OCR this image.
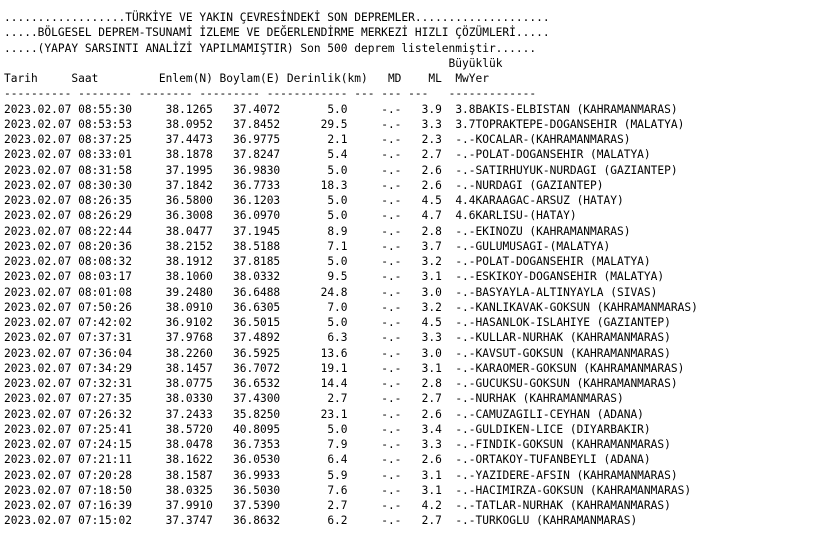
..................TÜRKİYE VE YAKIN ÇEVRESİNDEKİ SON DEPREMLER....................
.....BÖLGESEL DEPREM-TSUNAMİ İZLEME VE DEĞERLENDİRME MERKEZİ HIZLI ÇÖZÜMLERİ.....
.....(YAPAY SARSINTI ANALİZİ YAPILMAMIŞTIR) Son 500 deprem listelenmiştir......
Büyüklük
Tarih     Saat         Enlem(N) Boylam(E) Derinlik(km)   MD    ML  MwYer
---------- -------- -------- --------- ------------ --- --- ---   -------------
2023.02.07 08:55:30     38.1265   37.4072       5.0     -.-   3.9  3.8BAKIS-ELBISTAN (KAHRAMANMARAS)
2023.02.07 08:53:53     38.0952   37.8452      29.5     -.-   3.3  3.7TOPRAKTEPE-DOGANSEHIR (MALATYA)
2023.02.07 08:37:25     37.4473   36.9775       2.1     -.-   2.3  -.-KOCALAR-(KAHRAMANMARAS)
2023.02.07 08:33:01     38.1878   37.8247       5.4     -.-   2.7  -.-POLAT-DOGANSEHIR (MALATYA)
2023.02.07 08:31:58     37.1995   36.9830       5.0     -.-   2.6  -.-SATIRHUYUK-NURDAGI (GAZIANTEP)
2023.02.07 08:30:30     37.1842   36.7733      18.3     -.-   2.6  -.-NURDAGI (GAZIANTEP)
2023.02.07 08:26:35     36.5800   36.1203       5.0     -.-   4.5  4.4KARAAGAC-ARSUZ (HATAY)
2023.02.07 08:26:29     36.3008   36.0970       5.0     -.-   4.7  4.6KARLISU-(HATAY)
2023.02.07 08:22:44     38.0477   37.1945       8.9     -.-   2.8  -.-EKINOZU (KAHRAMANMARAS)
2023.02.07 08:20:36     38.2152   38.5188       7.1     -.-   3.7  -.-GULUMUSAGI-(MALATYA)
2023.02.07 08:08:32     38.1912   37.8185       5.0     -.-   3.2  -.-POLAT-DOGANSEHIR (MALATYA)
2023.02.07 08:03:17     38.1060   38.0332       9.5     -.-   3.1  -.-ESKIKOY-DOGANSEHIR (MALATYA)
2023.02.07 08:01:08     39.2480   36.6488      24.8     -.-   3.0  -.-BASYAYLA-ALTINYAYLA (SIVAS)
2023.02.07 07:50:26     38.0910   36.6305       7.0     -.-   3.2  -.-KANLIKAVAK-GOKSUN (KAHRAMANMARAS)
2023.02.07 07:42:02     36.9102   36.5015       5.0     -.-   4.5  -.-HASANLOK-ISLAHIYE (GAZIANTEP)
2023.02.07 07:37:31     37.9768   37.4892       6.3     -.-   3.3  -.-KULLAR-NURHAK (KAHRAMANMARAS)
2023.02.07 07:36:04     38.2260   36.5925      13.6     -.-   3.0  -.-KAVSUT-GOKSUN (KAHRAMANMARAS)
2023.02.07 07:34:29     38.1457   36.7072      19.1     -.-   3.1  -.-KARAOMER-GOKSUN (KAHRAMANMARAS)
2023.02.07 07:32:31     38.0775   36.6532      14.4     -.-   2.8  -.-GUCUKSU-GOKSUN (KAHRAMANMARAS)
2023.02.07 07:27:35     38.0330   37.4300       2.7     -.-   2.7  -.-NURHAK (KAHRAMANMARAS)
2023.02.07 07:26:32     37.2433   35.8250      23.1     -.-   2.6  -.-CAMUZAGILI-CEYHAN (ADANA)
2023.02.07 07:25:41     38.5720   40.8095       5.0     -.-   3.4  -.-GULDIKEN-LICE (DIYARBAKIR)
2023.02.07 07:24:15     38.0478   36.7353       7.9     -.-   3.3  -.-FINDIK-GOKSUN (KAHRAMANMARAS)
2023.02.07 07:21:11     38.1622   36.0530       6.4     -.-   2.6  -.-ORTAKOY-TUFANBEYLI (ADANA)
2023.02.07 07:20:28     38.1587   36.9933       5.9     -.-   3.1  -.-YAZIDERE-AFSIN (KAHRAMANMARAS)
2023.02.07 07:18:50     38.0325   36.5030       7.6     -.-   3.1  -.-HACIMIRZA-GOKSUN (KAHRAMANMARAS)
2023.02.07 07:16:39     37.9910   37.5390       2.7     -.-   4.2  -.-TATLAR-NURHAK (KAHRAMANMARAS)
2023.02.07 07:15:02     37.3747   36.8632       6.2     -.-   2.7  -.-TURKOGLU (KAHRAMANMARAS)
